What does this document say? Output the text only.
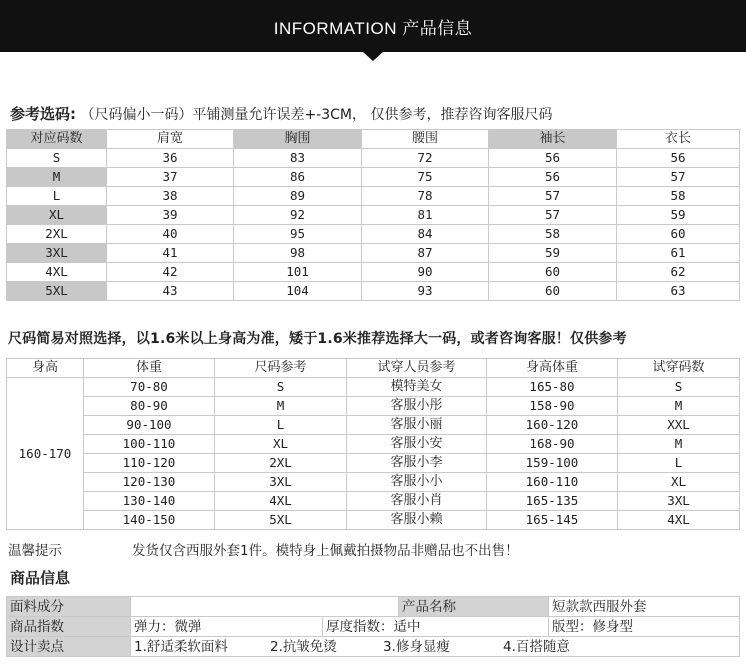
INFORMATION 产品信息
参考选码: （尺码偏小一码）平铺测量允许误差+-3CM， 仅供参考，推荐咨询客服尺码
对应码数	肩宽	胸围	腰围	袖长	衣长
S	36	83	72	56	56
M	37	86	75	56	57
L	38	89	78	57	58
XL	39	92	81	57	59
2XL	40	95	84	58	60
3XL	41	98	87	59	61
4XL	42	101	90	60	62
5XL	43	104	93	60	63
尺码简易对照选择，以1.6米以上身高为准，矮于1.6米推荐选择大一码，或者咨询客服！仅供参考
身高	体重	尺码参考	试穿人员参考	身高体重	试穿码数
160-170	70-80	S	模特美女	165-80	S
	80-90	M	客服小彤	158-90	M
	90-100	L	客服小丽	160-120	XXL
	100-110	XL	客服小安	168-90	M
	110-120	2XL	客服小李	159-100	L
	120-130	3XL	客服小小	160-110	XL
	130-140	4XL	客服小肖	165-135	3XL
	140-150	5XL	客服小赖	165-145	4XL
温馨提示	发货仅含西服外套1件。模特身上佩戴拍摄物品非赠品也不出售！
商品信息
面料成分			产品名称	短款款西服外套
商品指数	弹力：微弹	厚度指数：适中		版型：修身型
设计卖点	1.舒适柔软面料 2.抗皱免烫 3.修身显瘦 4.百搭随意			
